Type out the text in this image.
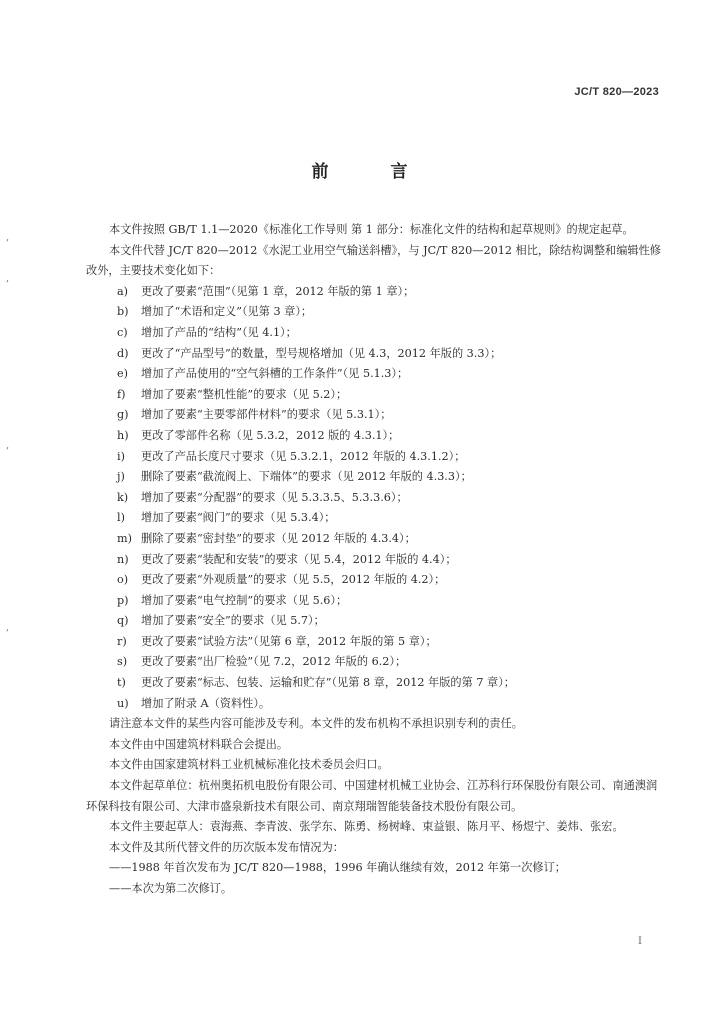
JC/T 820—2023
前 言
,
,
,
,

本文件按照 GB/T 1.1—2020《标准化工作导则 第 1 部分：标准化文件的结构和起草规则》的规定起草。

本文件代替 JC/T 820—2012《水泥工业用空气输送斜槽》，与 JC/T 820—2012 相比，除结构调整和编辑性修改外，主要技术变化如下：

a) 更改了要素“范围”（见第 1 章，2012 年版的第 1 章）；

b) 增加了“术语和定义”（见第 3 章）；

c) 增加了产品的“结构”（见 4.1）；

d) 更改了“产品型号”的数量，型号规格增加（见 4.3，2012 年版的 3.3）；

e) 增加了产品使用的“空气斜槽的工作条件”（见 5.1.3）；

f) 增加了要素“整机性能”的要求（见 5.2）；

g) 增加了要素“主要零部件材料”的要求（见 5.3.1）；

h) 更改了零部件名称（见 5.3.2，2012 版的 4.3.1）；

i) 更改了产品长度尺寸要求（见 5.3.2.1，2012 年版的 4.3.1.2）；

j) 删除了要素“截流阀上、下端体”的要求（见 2012 年版的 4.3.3）；

k) 增加了要素“分配器”的要求（见 5.3.3.5、5.3.3.6）；

l) 增加了要素“阀门”的要求（见 5.3.4）；

m) 删除了要素“密封垫”的要求（见 2012 年版的 4.3.4）；

n) 更改了要素“装配和安装”的要求（见 5.4，2012 年版的 4.4）；

o) 更改了要素“外观质量”的要求（见 5.5，2012 年版的 4.2）；

p) 增加了要素“电气控制”的要求（见 5.6）；

q) 增加了要素“安全”的要求（见 5.7）；

r) 更改了要素“试验方法”（见第 6 章，2012 年版的第 5 章）；

s) 更改了要素“出厂检验”（见 7.2，2012 年版的 6.2）；

t) 更改了要素“标志、包装、运输和贮存”（见第 8 章，2012 年版的第 7 章）；

u) 增加了附录 A（资料性）。

请注意本文件的某些内容可能涉及专利。本文件的发布机构不承担识别专利的责任。

本文件由中国建筑材料联合会提出。

本文件由国家建筑材料工业机械标准化技术委员会归口。

本文件起草单位：杭州奥拓机电股份有限公司、中国建材机械工业协会、江苏科行环保股份有限公司、南通澳润环保科技有限公司、大津市盛泉新技术有限公司、南京翔瑞智能装备技术股份有限公司。

本文件主要起草人：袁海燕、李青波、张学东、陈勇、杨树峰、束益银、陈月平、杨煜宁、姜炜、张宏。

本文件及其所代替文件的历次版本发布情况为：

——1988 年首次发布为 JC/T 820—1988，1996 年确认继续有效，2012 年第一次修订；

——本次为第二次修订。

I
